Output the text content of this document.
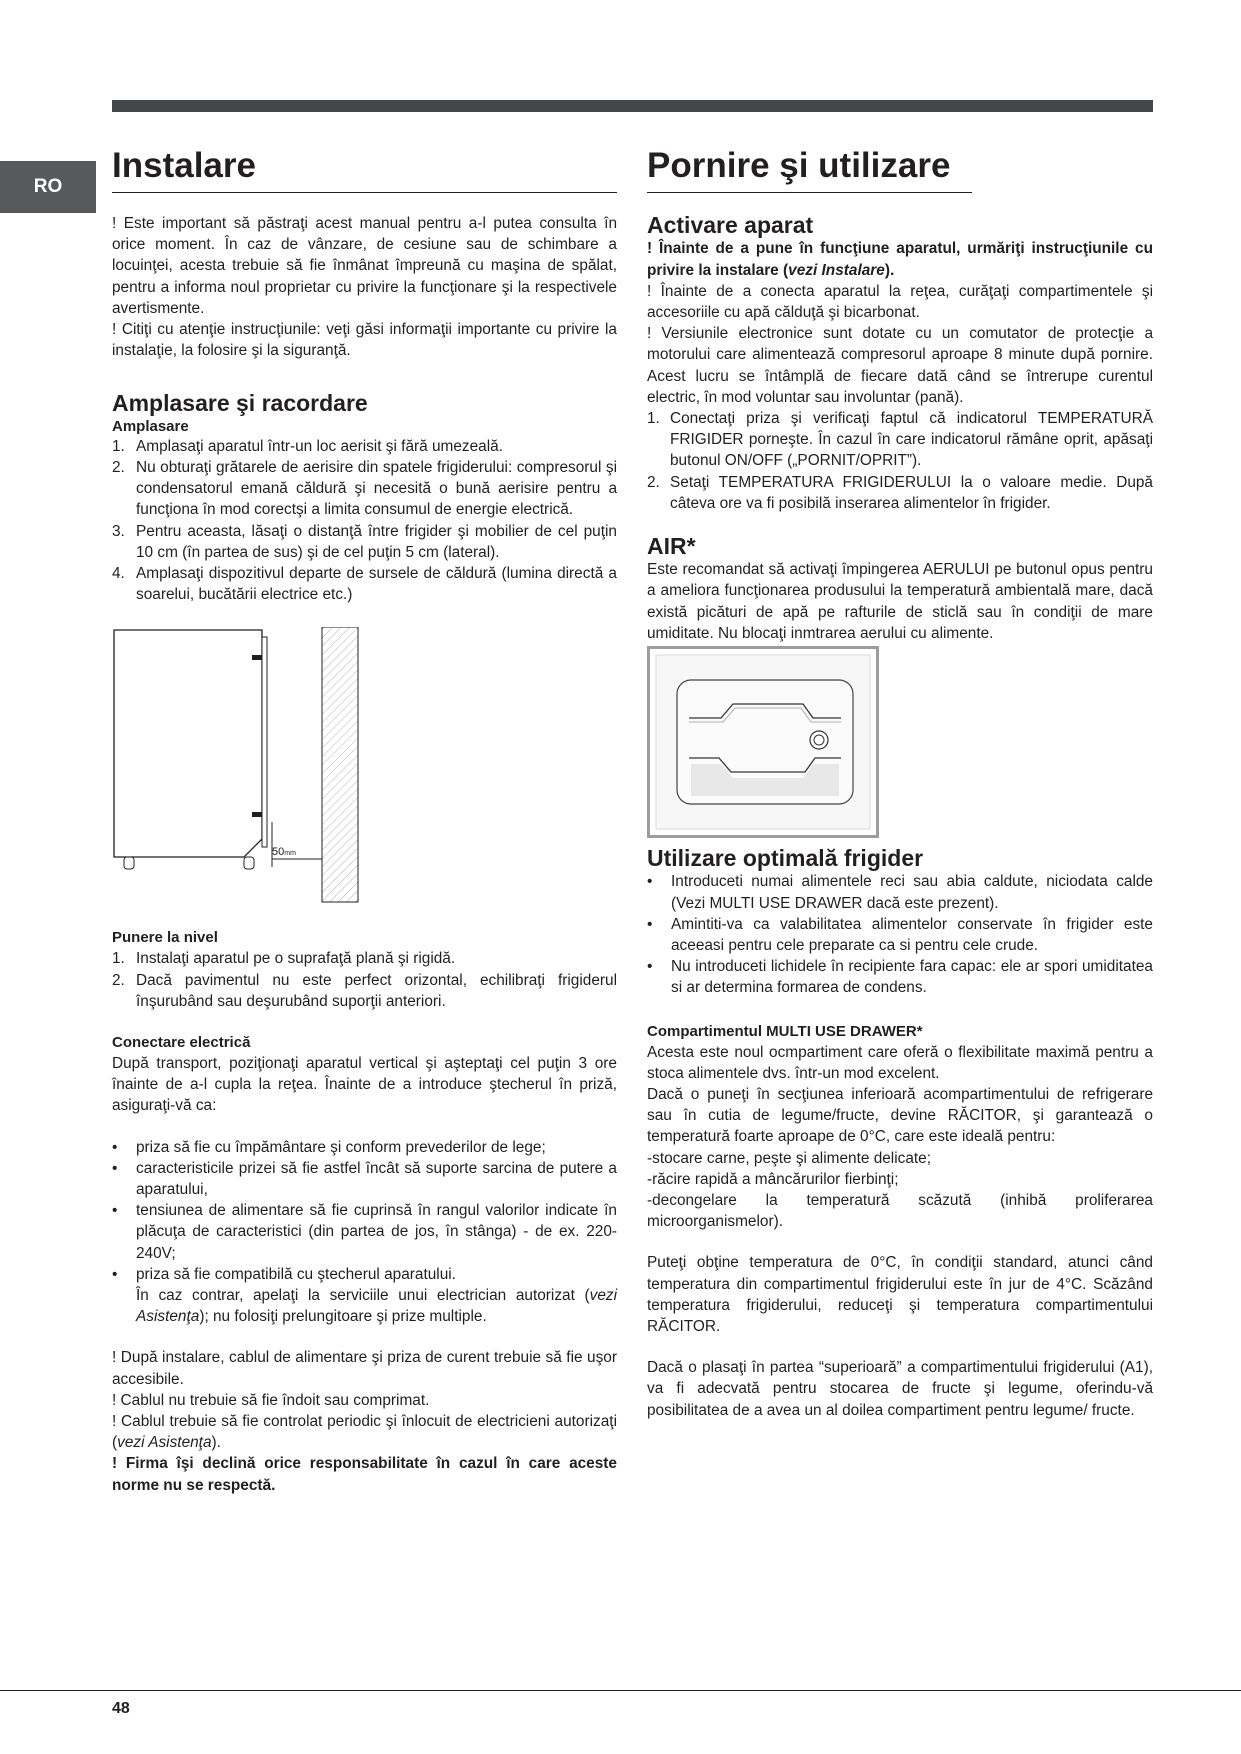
RO
Instalare

! Este important să păstraţi acest manual pentru a-l putea consulta în orice moment. În caz de vânzare, de cesiune sau de schimbare a locuinţei, acesta trebuie să fie înmânat împreună cu maşina de spălat, pentru a informa noul proprietar cu privire la funcţionare şi la respectivele avertismente.

! Citiţi cu atenţie instrucţiunile: veţi găsi informaţii importante cu privire la instalaţie, la folosire şi la siguranţă.

Amplasare şi racordare
Amplasare
1. Amplasaţi aparatul într-un loc aerisit şi fără umezeală.
2. Nu obturaţi grătarele de aerisire din spatele frigiderului: compresorul şi condensatorul emană căldură şi necesită o bună aerisire pentru a funcţiona în mod corectşi a limita consumul de energie electrică.
3. Pentru aceasta, lăsaţi o distanţă între frigider şi mobilier de cel puţin 10 cm (în partea de sus) şi de cel puţin 5 cm (lateral).
4. Amplasaţi dispozitivul departe de sursele de căldură (lumina directă a soarelui, bucătării electrice etc.)
50mm
Punere la nivel
1. Instalaţi aparatul pe o suprafaţă plană şi rigidă.
2. Dacă pavimentul nu este perfect orizontal, echilibraţi frigiderul înşurubând sau deşurubând suporţii anteriori.
Conectare electrică

După transport, poziţionaţi aparatul vertical şi aşteptaţi cel puţin 3 ore înainte de a-l cupla la reţea. Înainte de a introduce ştecherul în priză, asiguraţi-vă ca:

• priza să fie cu împământare şi conform prevederilor de lege;
• caracteristicile prizei să fie astfel încât să suporte sarcina de putere a aparatului,
• tensiunea de alimentare să fie cuprinsă în rangul valorilor indicate în plăcuţa de caracteristici (din partea de jos, în stânga) - de ex. 220-240V;
• priza să fie compatibilă cu ştecherul aparatului.
În caz contrar, apelaţi la serviciile unui electrician autorizat (vezi Asistenţa); nu folosiţi prelungitoare şi prize multiple.

! După instalare, cablul de alimentare şi priza de curent trebuie să fie uşor accesibile.

! Cablul nu trebuie să fie îndoit sau comprimat.

! Cablul trebuie să fie controlat periodic şi înlocuit de electricieni autorizaţi (vezi Asistenţa).

! Firma îşi declină orice responsabilitate în cazul în care aceste norme nu se respectă.

Pornire şi utilizare
Activare aparat

! Înainte de a pune în funcţiune aparatul, urmăriţi instrucţiunile cu privire la instalare (vezi Instalare).

! Înainte de a conecta aparatul la reţea, curăţaţi compartimentele şi accesoriile cu apă călduţă şi bicarbonat.

! Versiunile electronice sunt dotate cu un comutator de protecţie a motorului care alimentează compresorul aproape 8 minute după pornire. Acest lucru se întâmplă de fiecare dată când se întrerupe curentul electric, în mod voluntar sau involuntar (pană).

1. Conectaţi priza şi verificaţi faptul că indicatorul TEMPERATURĂ FRIGIDER porneşte. În cazul în care indicatorul rămâne oprit, apăsaţi butonul ON/OFF („PORNIT/OPRIT”).
2. Setaţi TEMPERATURA FRIGIDERULUI la o valoare medie. După câteva ore va fi posibilă inserarea alimentelor în frigider.
AIR*

Este recomandat să activaţi împingerea AERULUI pe butonul opus pentru a ameliora funcţionarea produsului la temperatură ambientală mare, dacă există picături de apă pe rafturile de sticlă sau în condiţii de mare umiditate. Nu blocaţi inmtrarea aerului cu alimente.

Utilizare optimală frigider
• Introduceti numai alimentele reci sau abia caldute, niciodata calde (Vezi MULTI USE DRAWER dacă este prezent).
• Amintiti-va ca valabilitatea alimentelor conservate în frigider este aceeasi pentru cele preparate ca si pentru cele crude.
• Nu introduceti lichidele în recipiente fara capac: ele ar spori umiditatea si ar determina formarea de condens.
Compartimentul MULTI USE DRAWER*

Acesta este noul ocmpartiment care oferă o flexibilitate maximă pentru a stoca alimentele dvs. într-un mod excelent.

Dacă o puneţi în secţiunea inferioară acompartimentului de refrigerare sau în cutia de legume/fructe, devine RĂCITOR, şi garantează o temperatură foarte aproape de 0°C, care este ideală pentru:

-stocare carne, peşte şi alimente delicate;

-răcire rapidă a mâncărurilor fierbinţi;

-decongelare la temperatură scăzută (inhibă proliferarea microorganismelor).

Puteţi obţine temperatura de 0°C, în condiţii standard, atunci când temperatura din compartimentul frigiderului este în jur de 4°C. Scăzând temperatura frigiderului, reduceţi şi temperatura compartimentului RĂCITOR.

Dacă o plasaţi în partea “superioară” a compartimentului frigiderului (A1), va fi adecvată pentru stocarea de fructe şi legume, oferindu-vă posibilitatea de a avea un al doilea compartiment pentru legume/ fructe.

48
